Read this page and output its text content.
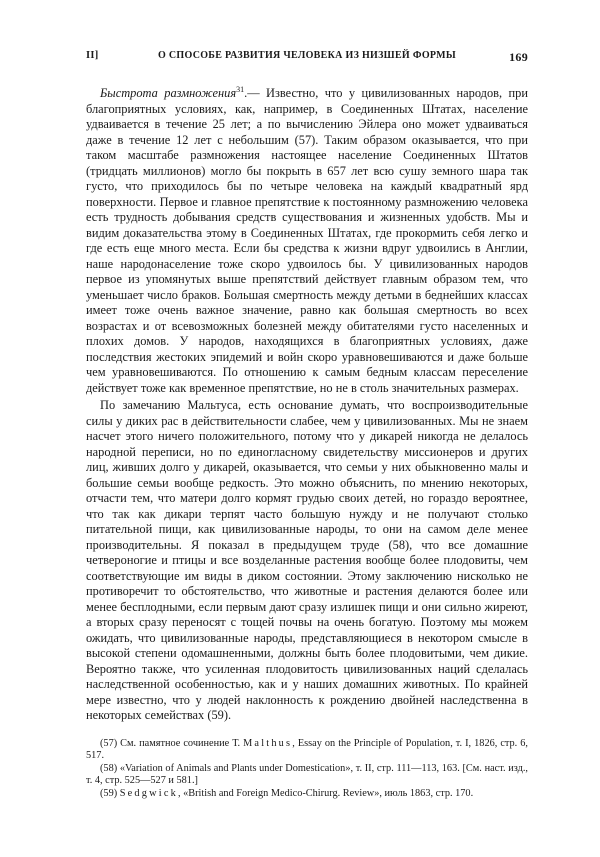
II]	О СПОСОБЕ РАЗВИТИЯ ЧЕЛОВЕКА ИЗ НИЗШЕЙ ФОРМЫ	169

Быстрота размножения$^{31}$.— Известно, что у цивилизованных народов, при благоприятных условиях, как, например, в Соединенных Штатах, население удваивается в течение 25 лет; а по вычислению Эйлера оно может удваиваться даже в течение 12 лет с небольшим (57). Таким образом оказывается, что при таком масштабе размножения настоящее население Соединенных Штатов (тридцать миллионов) могло бы покрыть в 657 лет всю сушу земного шара так густо, что приходилось бы по четыре человека на каждый квадратный ярд поверхности. Первое и главное препятствие к постоянному размножению человека есть трудность добывания средств существования и жизненных удобств. Мы и видим доказательства этому в Соединенных Штатах, где прокормить себя легко и где есть еще много места. Если бы средства к жизни вдруг удвоились в Англии, наше народонаселение тоже скоро удвоилось бы. У цивилизованных народов первое из упомянутых выше препятствий действует главным образом тем, что уменьшает число браков. Большая смертность между детьми в беднейших классах имеет тоже очень важное значение, равно как большая смертность во всех возрастах и от всевозможных болезней между обитателями густо населенных и плохих домов. У народов, находящихся в благоприятных условиях, даже последствия жестоких эпидемий и войн скоро уравновешиваются и даже больше чем уравновешиваются. По отношению к самым бедным классам переселение действует тоже как временное препятствие, но не в столь значительных размерах.

По замечанию Мальтуса, есть основание думать, что воспроизводительные силы у диких рас в действительности слабее, чем у цивилизованных. Мы не знаем насчет этого ничего положительного, потому что у дикарей никогда не делалось народной переписи, но по единогласному свидетельству миссионеров и других лиц, живших долго у дикарей, оказывается, что семьи у них обыкновенно малы и большие семьи вообще редкость. Это можно объяснить, по мнению некоторых, отчасти тем, что матери долго кормят грудью своих детей, но гораздо вероятнее, что так как дикари терпят часто большую нужду и не получают столько питательной пищи, как цивилизованные народы, то они на самом деле менее производительны. Я показал в предыдущем труде (58), что все домашние четвероногие и птицы и все возделанные растения вообще более плодовиты, чем соответствующие им виды в диком состоянии. Этому заключению нисколько не противоречит то обстоятельство, что животные и растения делаются более или менее бесплодными, если первым дают сразу излишек пищи и они сильно жиреют, а вторых сразу переносят с тощей почвы на очень богатую. Поэтому мы можем ожидать, что цивилизованные народы, представляющиеся в некотором смысле в высокой степени одомашненными, должны быть более плодовитыми, чем дикие. Вероятно также, что усиленная плодовитость цивилизованных наций сделалась наследственной особенностью, как и у наших домашних животных. По крайней мере известно, что у людей наклонность к рождению двойней наследственна в некоторых семействах (59).

(57) См. памятное сочинение Т. Malthus, Essay on the Principle of Population, т. I, 1826, стр. 6, 517.

(58) «Variation of Animals and Plants under Domestication», т. II, стр. 111—113, 163. [См. наст. изд., т. 4, стр. 525—527 и 581.]

(59) Sedgwick, «British and Foreign Medico-Chirurg. Review», июль 1863, стр. 170.
